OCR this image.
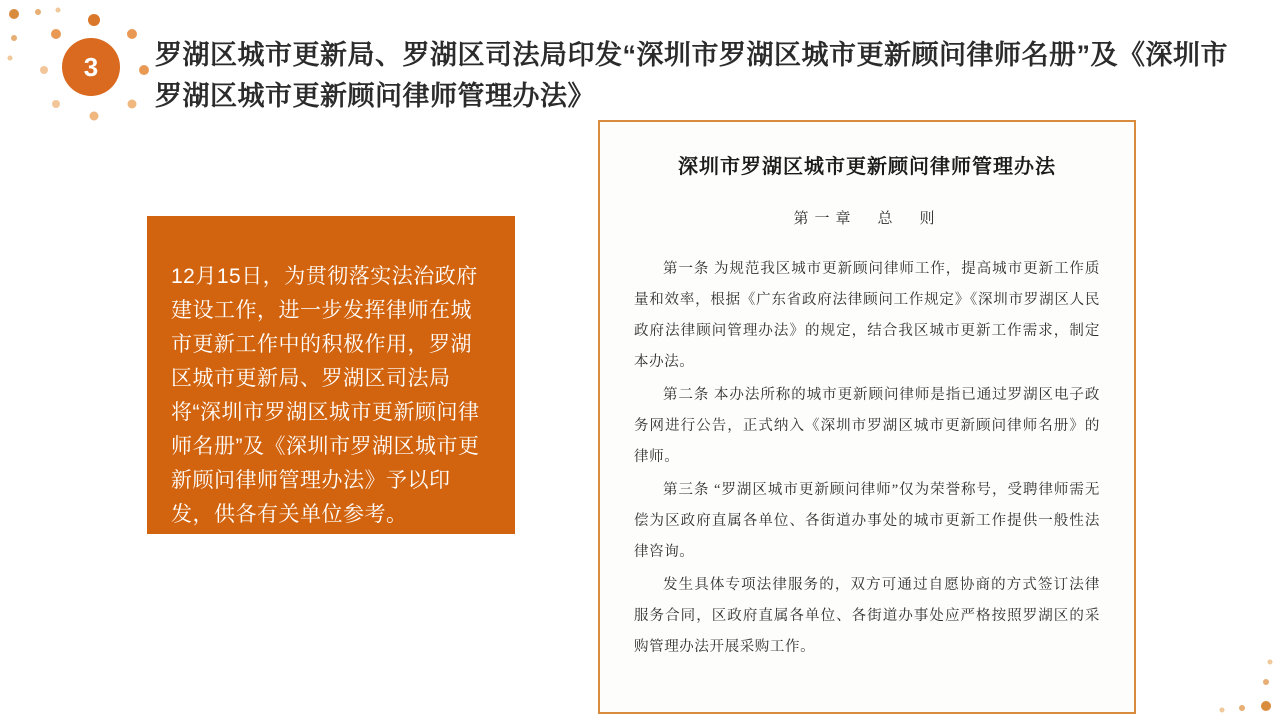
3	罗湖区城市更新局、罗湖区司法局印发“深圳市罗湖区城市更新顾问律师名册”及《深圳市罗湖区城市更新顾问律师管理办法》

12月15日，为贯彻落实法治政府建设工作，进一步发挥律师在城市更新工作中的积极作用，罗湖区城市更新局、罗湖区司法局将“深圳市罗湖区城市更新顾问律师名册”及《深圳市罗湖区城市更新顾问律师管理办法》予以印发，供各有关单位参考。

深圳市罗湖区城市更新顾问律师管理办法
第一章　总　则

第一条 为规范我区城市更新顾问律师工作，提高城市更新工作质量和效率，根据《广东省政府法律顾问工作规定》《深圳市罗湖区人民政府法律顾问管理办法》的规定，结合我区城市更新工作需求，制定本办法。

第二条 本办法所称的城市更新顾问律师是指已通过罗湖区电子政务网进行公告，正式纳入《深圳市罗湖区城市更新顾问律师名册》的律师。

第三条 “罗湖区城市更新顾问律师”仅为荣誉称号，受聘律师需无偿为区政府直属各单位、各街道办事处的城市更新工作提供一般性法律咨询。

发生具体专项法律服务的，双方可通过自愿协商的方式签订法律服务合同，区政府直属各单位、各街道办事处应严格按照罗湖区的采购管理办法开展采购工作。
